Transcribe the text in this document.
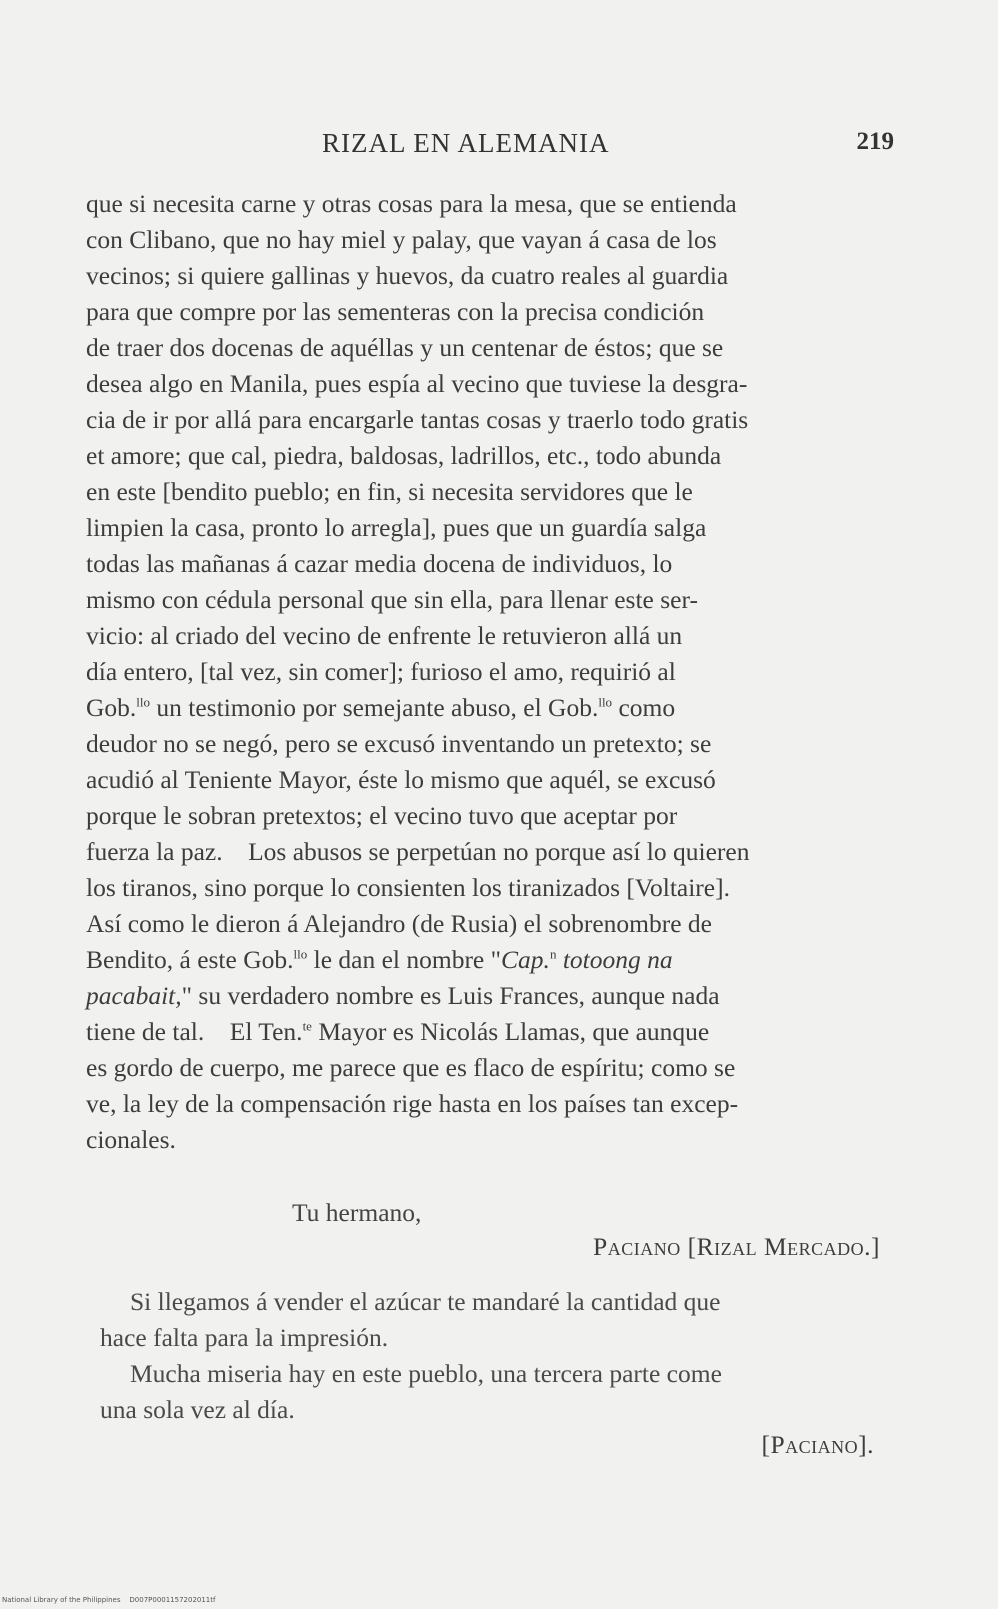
RIZAL EN ALEMANIA	219
que si necesita carne y otras cosas para la mesa, que se entienda
con Clibano, que no hay miel y palay, que vayan á casa de los
vecinos; si quiere gallinas y huevos, da cuatro reales al guardia
para que compre por las sementeras con la precisa condición
de traer dos docenas de aquéllas y un centenar de éstos; que se
desea algo en Manila, pues espía al vecino que tuviese la desgra-
cia de ir por allá para encargarle tantas cosas y traerlo todo gratis
et amore; que cal, piedra, baldosas, ladrillos, etc., todo abunda
en este [bendito pueblo; en fin, si necesita servidores que le
limpien la casa, pronto lo arregla], pues que un guardía salga
todas las mañanas á cazar media docena de individuos, lo
mismo con cédula personal que sin ella, para llenar este ser-
vicio: al criado del vecino de enfrente le retuvieron allá un
día entero, [tal vez, sin comer]; furioso el amo, requirió al
Gob.$^{llo}$ un testimonio por semejante abuso, el Gob.$^{llo}$ como
deudor no se negó, pero se excusó inventando un pretexto; se
acudió al Teniente Mayor, éste lo mismo que aquél, se excusó
porque le sobran pretextos; el vecino tuvo que aceptar por
fuerza la paz.    Los abusos se perpetúan no porque así lo quieren
los tiranos, sino porque lo consienten los tiranizados [Voltaire].
Así como le dieron á Alejandro (de Rusia) el sobrenombre de
Bendito, á este Gob.$^{llo}$ le dan el nombre "Cap.$^n$ totoong na
pacabait," su verdadero nombre es Luis Frances, aunque nada
tiene de tal.    El Ten.$^{te}$ Mayor es Nicolás Llamas, que aunque
es gordo de cuerpo, me parece que es flaco de espíritu; como se
ve, la ley de la compensación rige hasta en los países tan excep-
cionales.
Tu hermano,
Paciano [Rizal Mercado.]
Si llegamos á vender el azúcar te mandaré la cantidad que
hace falta para la impresión.
Mucha miseria hay en este pueblo, una tercera parte come
una sola vez al día.
[Paciano].
National Library of the Philippines    D007P0001157202011tf
